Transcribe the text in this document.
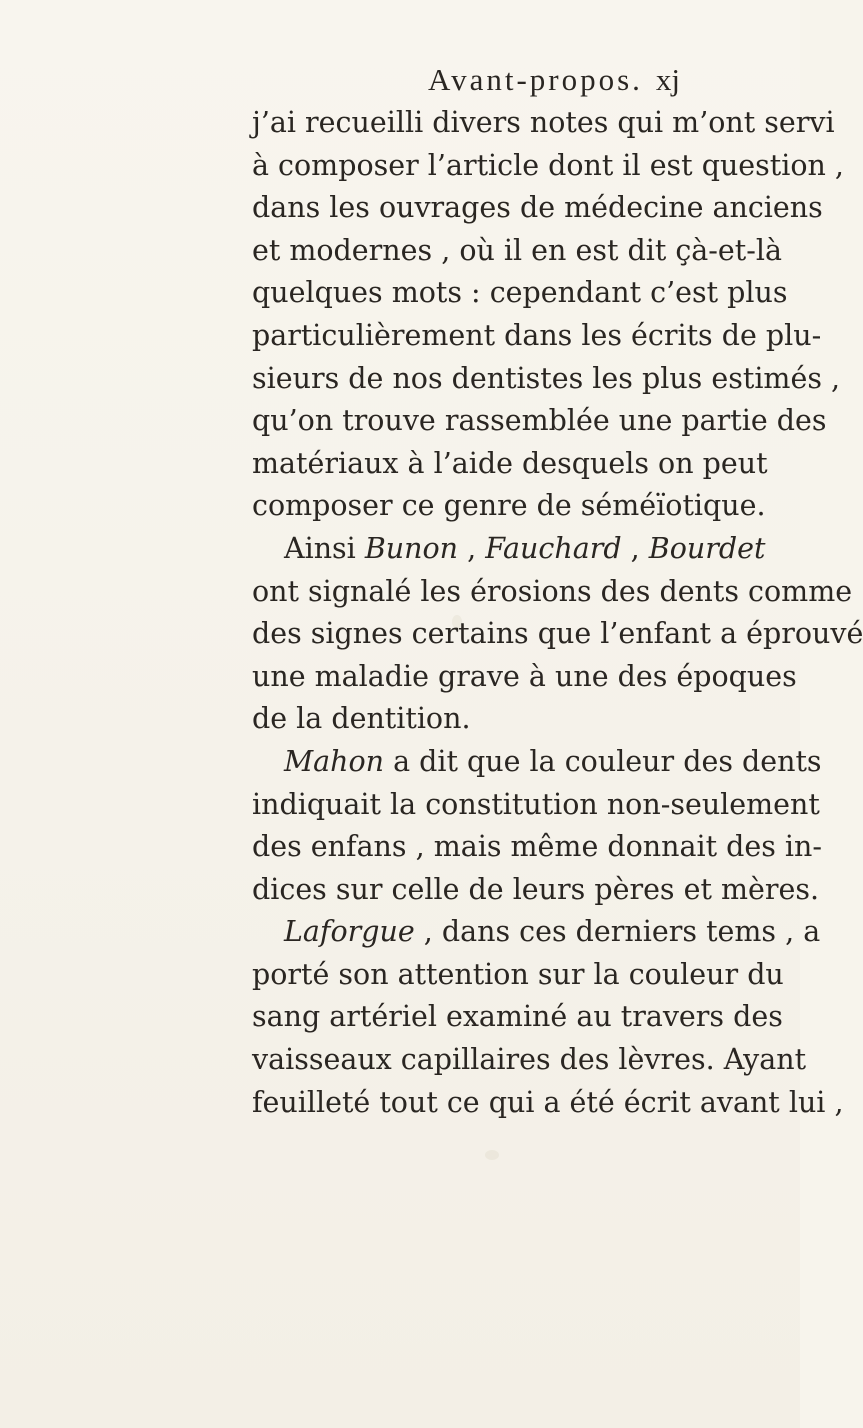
Avant-propos. xj
j’ai recueilli divers notes qui m’ont servi
à composer l’article dont il est question ,
dans les ouvrages de médecine anciens
et modernes , où il en est dit çà-et-là
quelques mots : cependant c’est plus
particulièrement dans les écrits de plu-
sieurs de nos dentistes les plus estimés ,
qu’on trouve rassemblée une partie des
matériaux à l’aide desquels on peut
composer ce genre de séméïotique.
Ainsi Bunon , Fauchard , Bourdet
ont signalé les érosions des dents comme
des signes certains que l’enfant a éprouvé
une maladie grave à une des époques
de la dentition.
Mahon a dit que la couleur des dents
indiquait la constitution non-seulement
des enfans , mais même donnait des in-
dices sur celle de leurs pères et mères.
Laforgue , dans ces derniers tems , a
porté son attention sur la couleur du
sang artériel examiné au travers des
vaisseaux capillaires des lèvres. Ayant
feuilleté tout ce qui a été écrit avant lui ,
